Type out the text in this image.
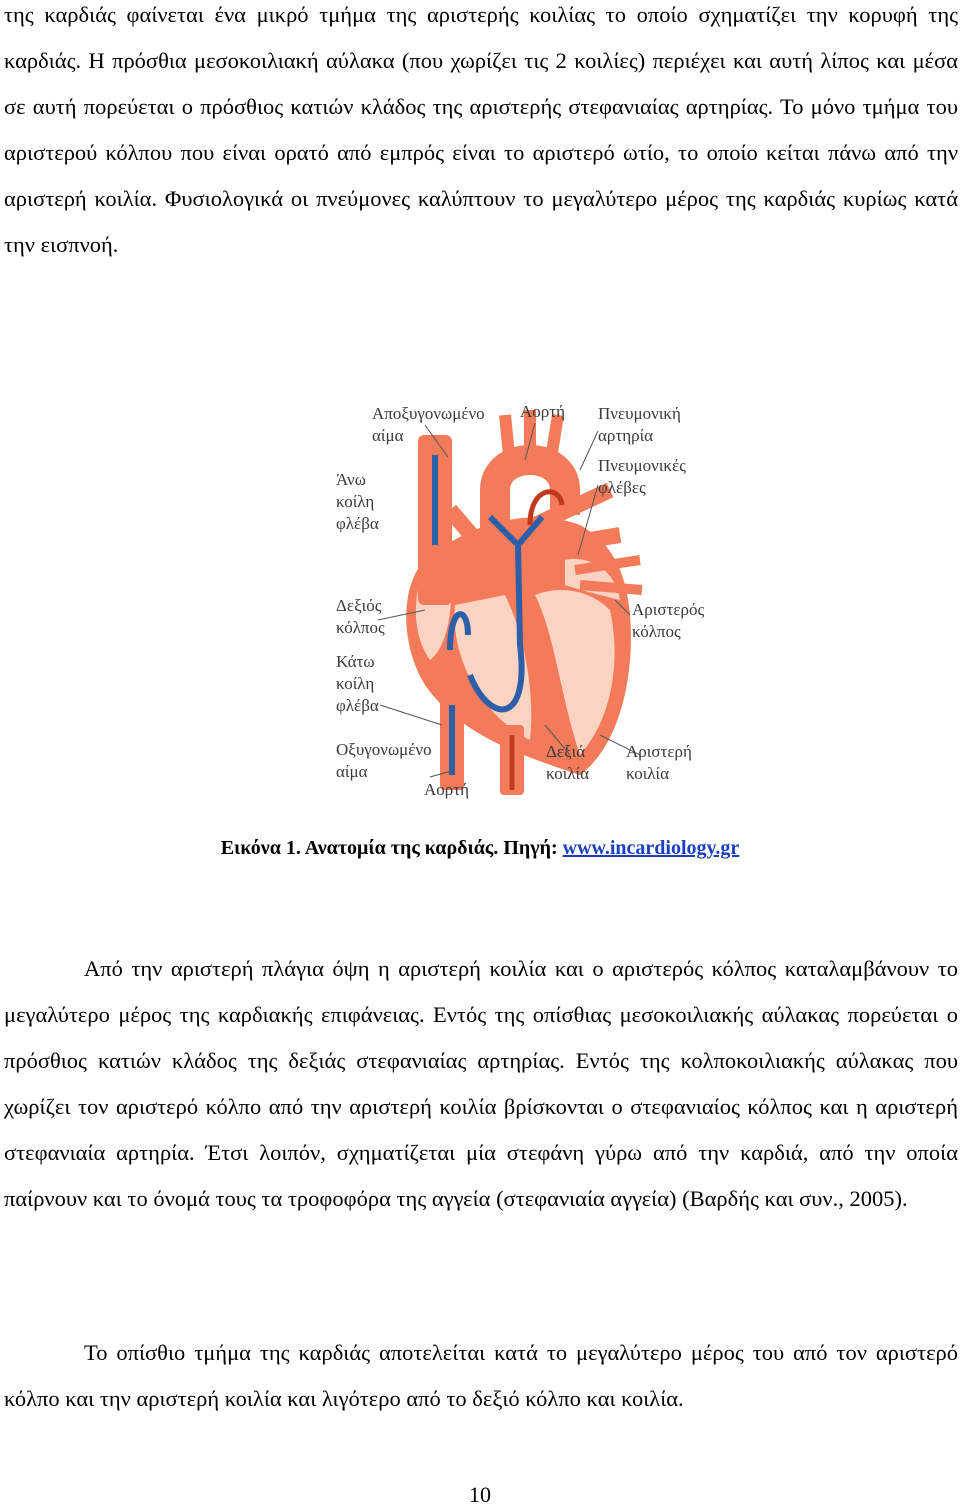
της καρδιάς φαίνεται ένα μικρό τμήμα της αριστερής κοιλίας το οποίο σχηματίζει την κορυφή της καρδιάς. Η πρόσθια μεσοκοιλιακή αύλακα (που χωρίζει τις 2 κοιλίες) περιέχει και αυτή λίπος και μέσα σε αυτή πορεύεται ο πρόσθιος κατιών κλάδος της αριστερής στεφανιαίας αρτηρίας. Το μόνο τμήμα του αριστερού κόλπου που είναι ορατό από εμπρός είναι το αριστερό ωτίο, το οποίο κείται πάνω από την αριστερή κοιλία. Φυσιολογικά οι πνεύμονες καλύπτουν το μεγαλύτερο μέρος της καρδιάς κυρίως κατά την εισπνοή.

Αποξυγονωμένο
αίμα
Αορτή Πνευμονική
αρτηρία
Πνευμονικές
φλέβες
Άνω
κοίλη
φλέβα
Δεξιός
κόλπος
Αριστερός
κόλπος
Κάτω
κοίλη
φλέβα
Οξυγονωμένο
αίμα
Δεξιά
κοιλία
Αριστερή
κοιλία
Αορτή
Εικόνα 1. Ανατομία της καρδιάς. Πηγή: www.incardiology.gr

Από την αριστερή πλάγια όψη η αριστερή κοιλία και ο αριστερός κόλπος καταλαμβάνουν το μεγαλύτερο μέρος της καρδιακής επιφάνειας. Εντός της οπίσθιας μεσοκοιλιακής αύλακας πορεύεται ο πρόσθιος κατιών κλάδος της δεξιάς στεφανιαίας αρτηρίας. Εντός της κολποκοιλιακής αύλακας που χωρίζει τον αριστερό κόλπο από την αριστερή κοιλία βρίσκονται ο στεφανιαίος κόλπος και η αριστερή στεφανιαία αρτηρία. Έτσι λοιπόν, σχηματίζεται μία στεφάνη γύρω από την καρδιά, από την οποία παίρνουν και το όνομά τους τα τροφοφόρα της αγγεία (στεφανιαία αγγεία) (Βαρδής και συν., 2005).

Το οπίσθιο τμήμα της καρδιάς αποτελείται κατά το μεγαλύτερο μέρος του από τον αριστερό κόλπο και την αριστερή κοιλία και λιγότερο από το δεξιό κόλπο και κοιλία.

10
